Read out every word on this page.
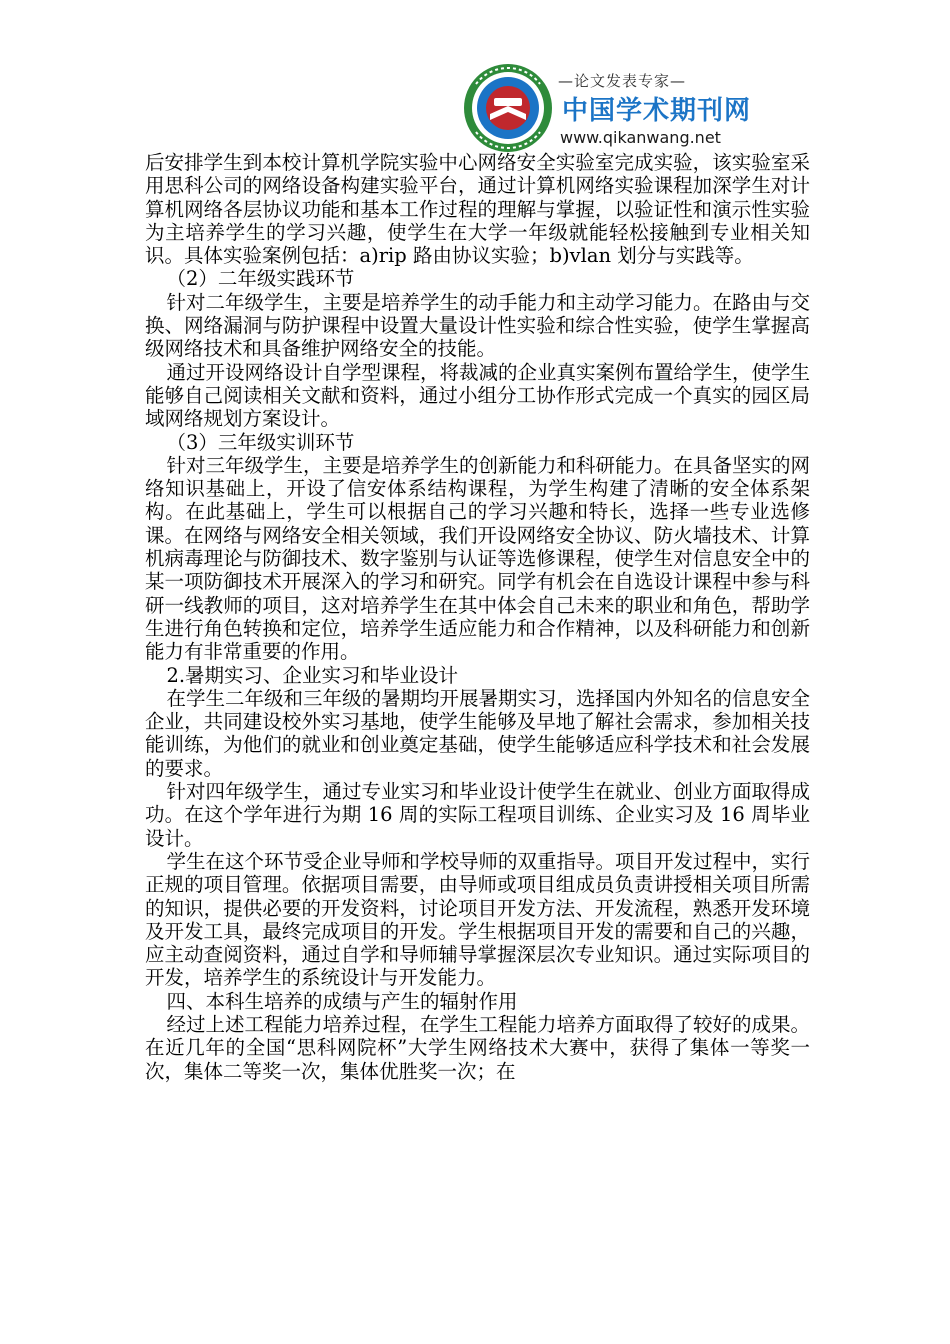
—论文发表专家—
中国学术期刊网
www.qikanwang.net

后安排学生到本校计算机学院实验中心网络安全实验室完成实验，该实验室采用思科公司的网络设备构建实验平台，通过计算机网络实验课程加深学生对计算机网络各层协议功能和基本工作过程的理解与掌握，以验证性和演示性实验为主培养学生的学习兴趣，使学生在大学一年级就能轻松接触到专业相关知识。具体实验案例包括：a)rip 路由协议实验；b)vlan 划分与实践等。

（2）二年级实践环节

针对二年级学生，主要是培养学生的动手能力和主动学习能力。在路由与交换、网络漏洞与防护课程中设置大量设计性实验和综合性实验，使学生掌握高级网络技术和具备维护网络安全的技能。

通过开设网络设计自学型课程，将裁减的企业真实案例布置给学生，使学生能够自己阅读相关文献和资料，通过小组分工协作形式完成一个真实的园区局域网络规划方案设计。

（3）三年级实训环节

针对三年级学生，主要是培养学生的创新能力和科研能力。在具备坚实的网络知识基础上，开设了信安体系结构课程，为学生构建了清晰的安全体系架构。在此基础上，学生可以根据自己的学习兴趣和特长，选择一些专业选修课。在网络与网络安全相关领域，我们开设网络安全协议、防火墙技术、计算机病毒理论与防御技术、数字鉴别与认证等选修课程，使学生对信息安全中的某一项防御技术开展深入的学习和研究。同学有机会在自选设计课程中参与科研一线教师的项目，这对培养学生在其中体会自己未来的职业和角色，帮助学生进行角色转换和定位，培养学生适应能力和合作精神，以及科研能力和创新能力有非常重要的作用。

2.暑期实习、企业实习和毕业设计

在学生二年级和三年级的暑期均开展暑期实习，选择国内外知名的信息安全企业，共同建设校外实习基地，使学生能够及早地了解社会需求，参加相关技能训练，为他们的就业和创业奠定基础，使学生能够适应科学技术和社会发展的要求。

针对四年级学生，通过专业实习和毕业设计使学生在就业、创业方面取得成功。在这个学年进行为期 16 周的实际工程项目训练、企业实习及 16 周毕业设计。

学生在这个环节受企业导师和学校导师的双重指导。项目开发过程中，实行正规的项目管理。依据项目需要，由导师或项目组成员负责讲授相关项目所需的知识，提供必要的开发资料，讨论项目开发方法、开发流程，熟悉开发环境及开发工具，最终完成项目的开发。学生根据项目开发的需要和自己的兴趣，应主动查阅资料，通过自学和导师辅导掌握深层次专业知识。通过实际项目的开发，培养学生的系统设计与开发能力。

四、本科生培养的成绩与产生的辐射作用

经过上述工程能力培养过程，在学生工程能力培养方面取得了较好的成果。在近几年的全国“思科网院杯”大学生网络技术大赛中，获得了集体一等奖一次，集体二等奖一次，集体优胜奖一次；在
